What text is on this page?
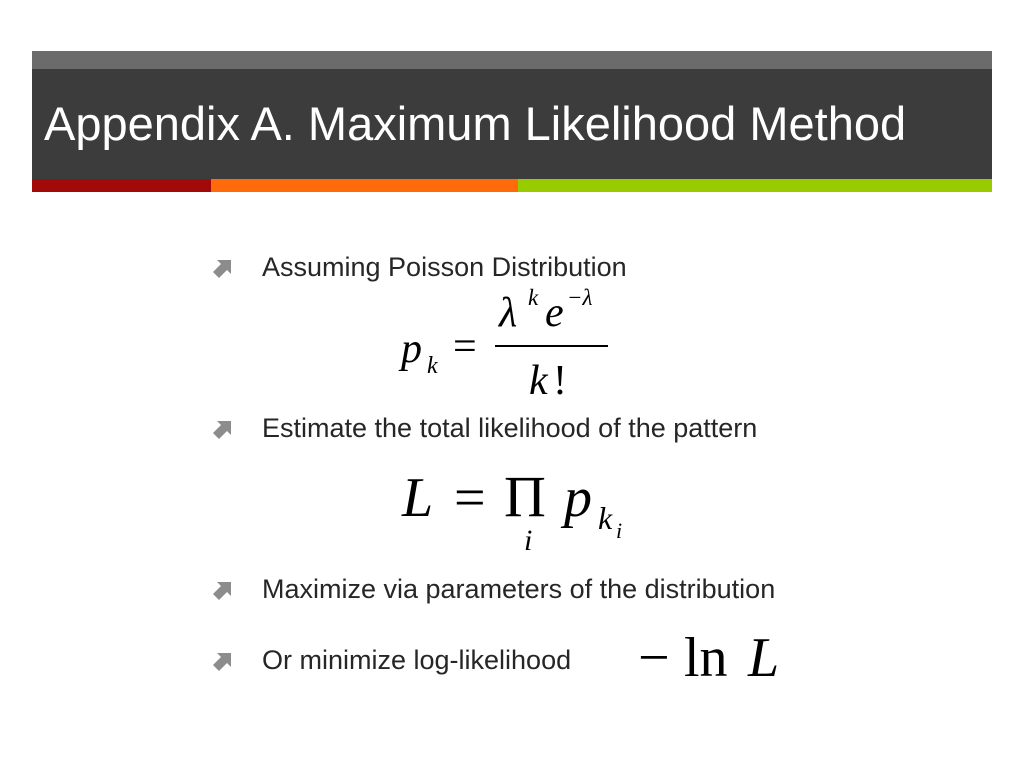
Appendix A. Maximum Likelihood Method
Assuming Poisson Distribution
p k =
λ k e −λ
k !
Estimate the total likelihood of the pattern
L = Π
i
p k i
Maximize via parameters of the distribution
Or minimize log-likelihood − ln L
